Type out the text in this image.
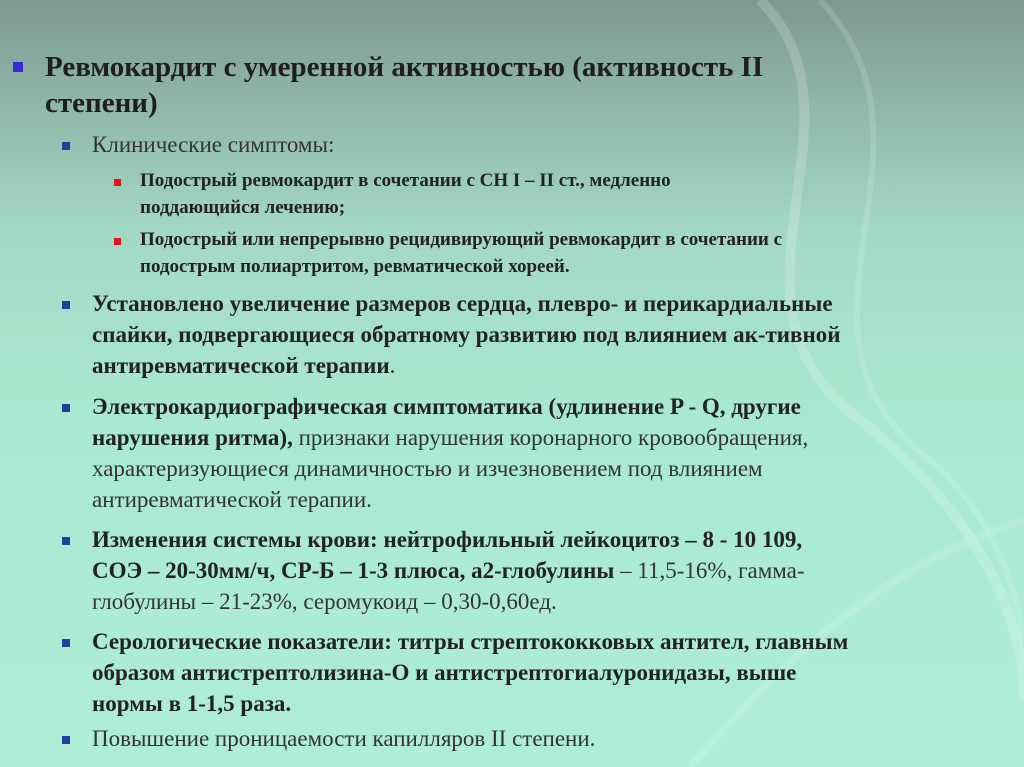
Ревмокардит с умеренной активностью (активность II
степени)
Клинические симптомы:
Подострый ревмокардит в сочетании с СН I – II ст., медленно
поддающийся лечению;
Подострый или непрерывно рецидивирующий ревмокардит в сочетании с
подострым полиартритом, ревматической хореей.
Установлено увеличение размеров сердца, плевро- и перикардиальные
спайки, подвергающиеся обратному развитию под влиянием ак-тивной
антиревматической терапии.
Электрокардиографическая симптоматика (удлинение P - Q, другие
нарушения ритма), признаки нарушения коронарного кровообращения,
характеризующиеся динамичностью и изчезновением под влиянием
антиревматической терапии.
Изменения системы крови: нейтрофильный лейкоцитоз – 8 - 10 109,
СОЭ – 20-30мм/ч, СР-Б – 1-3 плюса, а2-глобулины – 11,5-16%, гамма-
глобулины – 21-23%, серомукоид – 0,30-0,60ед.
Серологические показатели: титры стрептококковых антител, главным
образом антистрептолизина-О и антистрептогиалуронидазы, выше
нормы в 1-1,5 раза.
Повышение проницаемости капилляров II степени.
